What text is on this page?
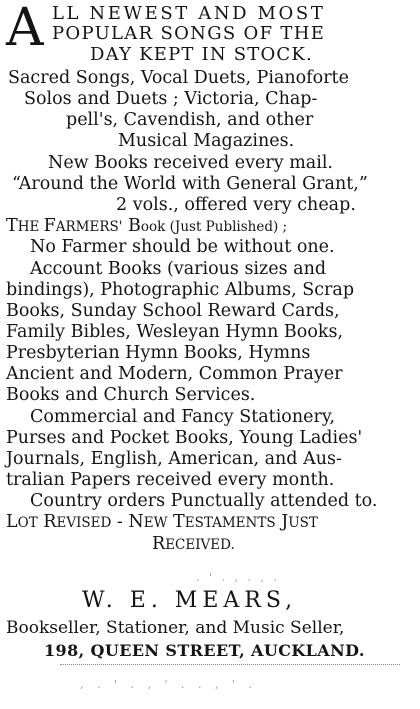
A LL NEWEST AND MOST
POPULAR SONGS OF THE
DAY KEPT IN STOCK.
Sacred Songs, Vocal Duets, Pianoforte
Solos and Duets ; Victoria, Chap-
pell's, Cavendish, and other
Musical Magazines.
New Books received every mail.
“Around the World with General Grant,”
2 vols., offered very cheap.
THE FARMERS' Book (Just Published) ;
No Farmer should be without one.
Account Books (various sizes and
bindings), Photographic Albums, Scrap
Books, Sunday School Reward Cards,
Family Bibles, Wesleyan Hymn Books,
Presbyterian Hymn Books, Hymns
Ancient and Modern, Common Prayer
Books and Church Services.
Commercial and Fancy Stationery,
Purses and Pocket Books, Young Ladies'
Journals, English, American, and Aus-
tralian Papers received every month.
Country orders Punctually attended to.
LOT REVISED - NEW TESTAMENTS JUST
RECEIVED.
. ' . , . , .
W. E. MEARS,
Bookseller, Stationer, and Music Seller,
198, QUEEN STREET, AUCKLAND.
, . ' . , ' . . , ' .
